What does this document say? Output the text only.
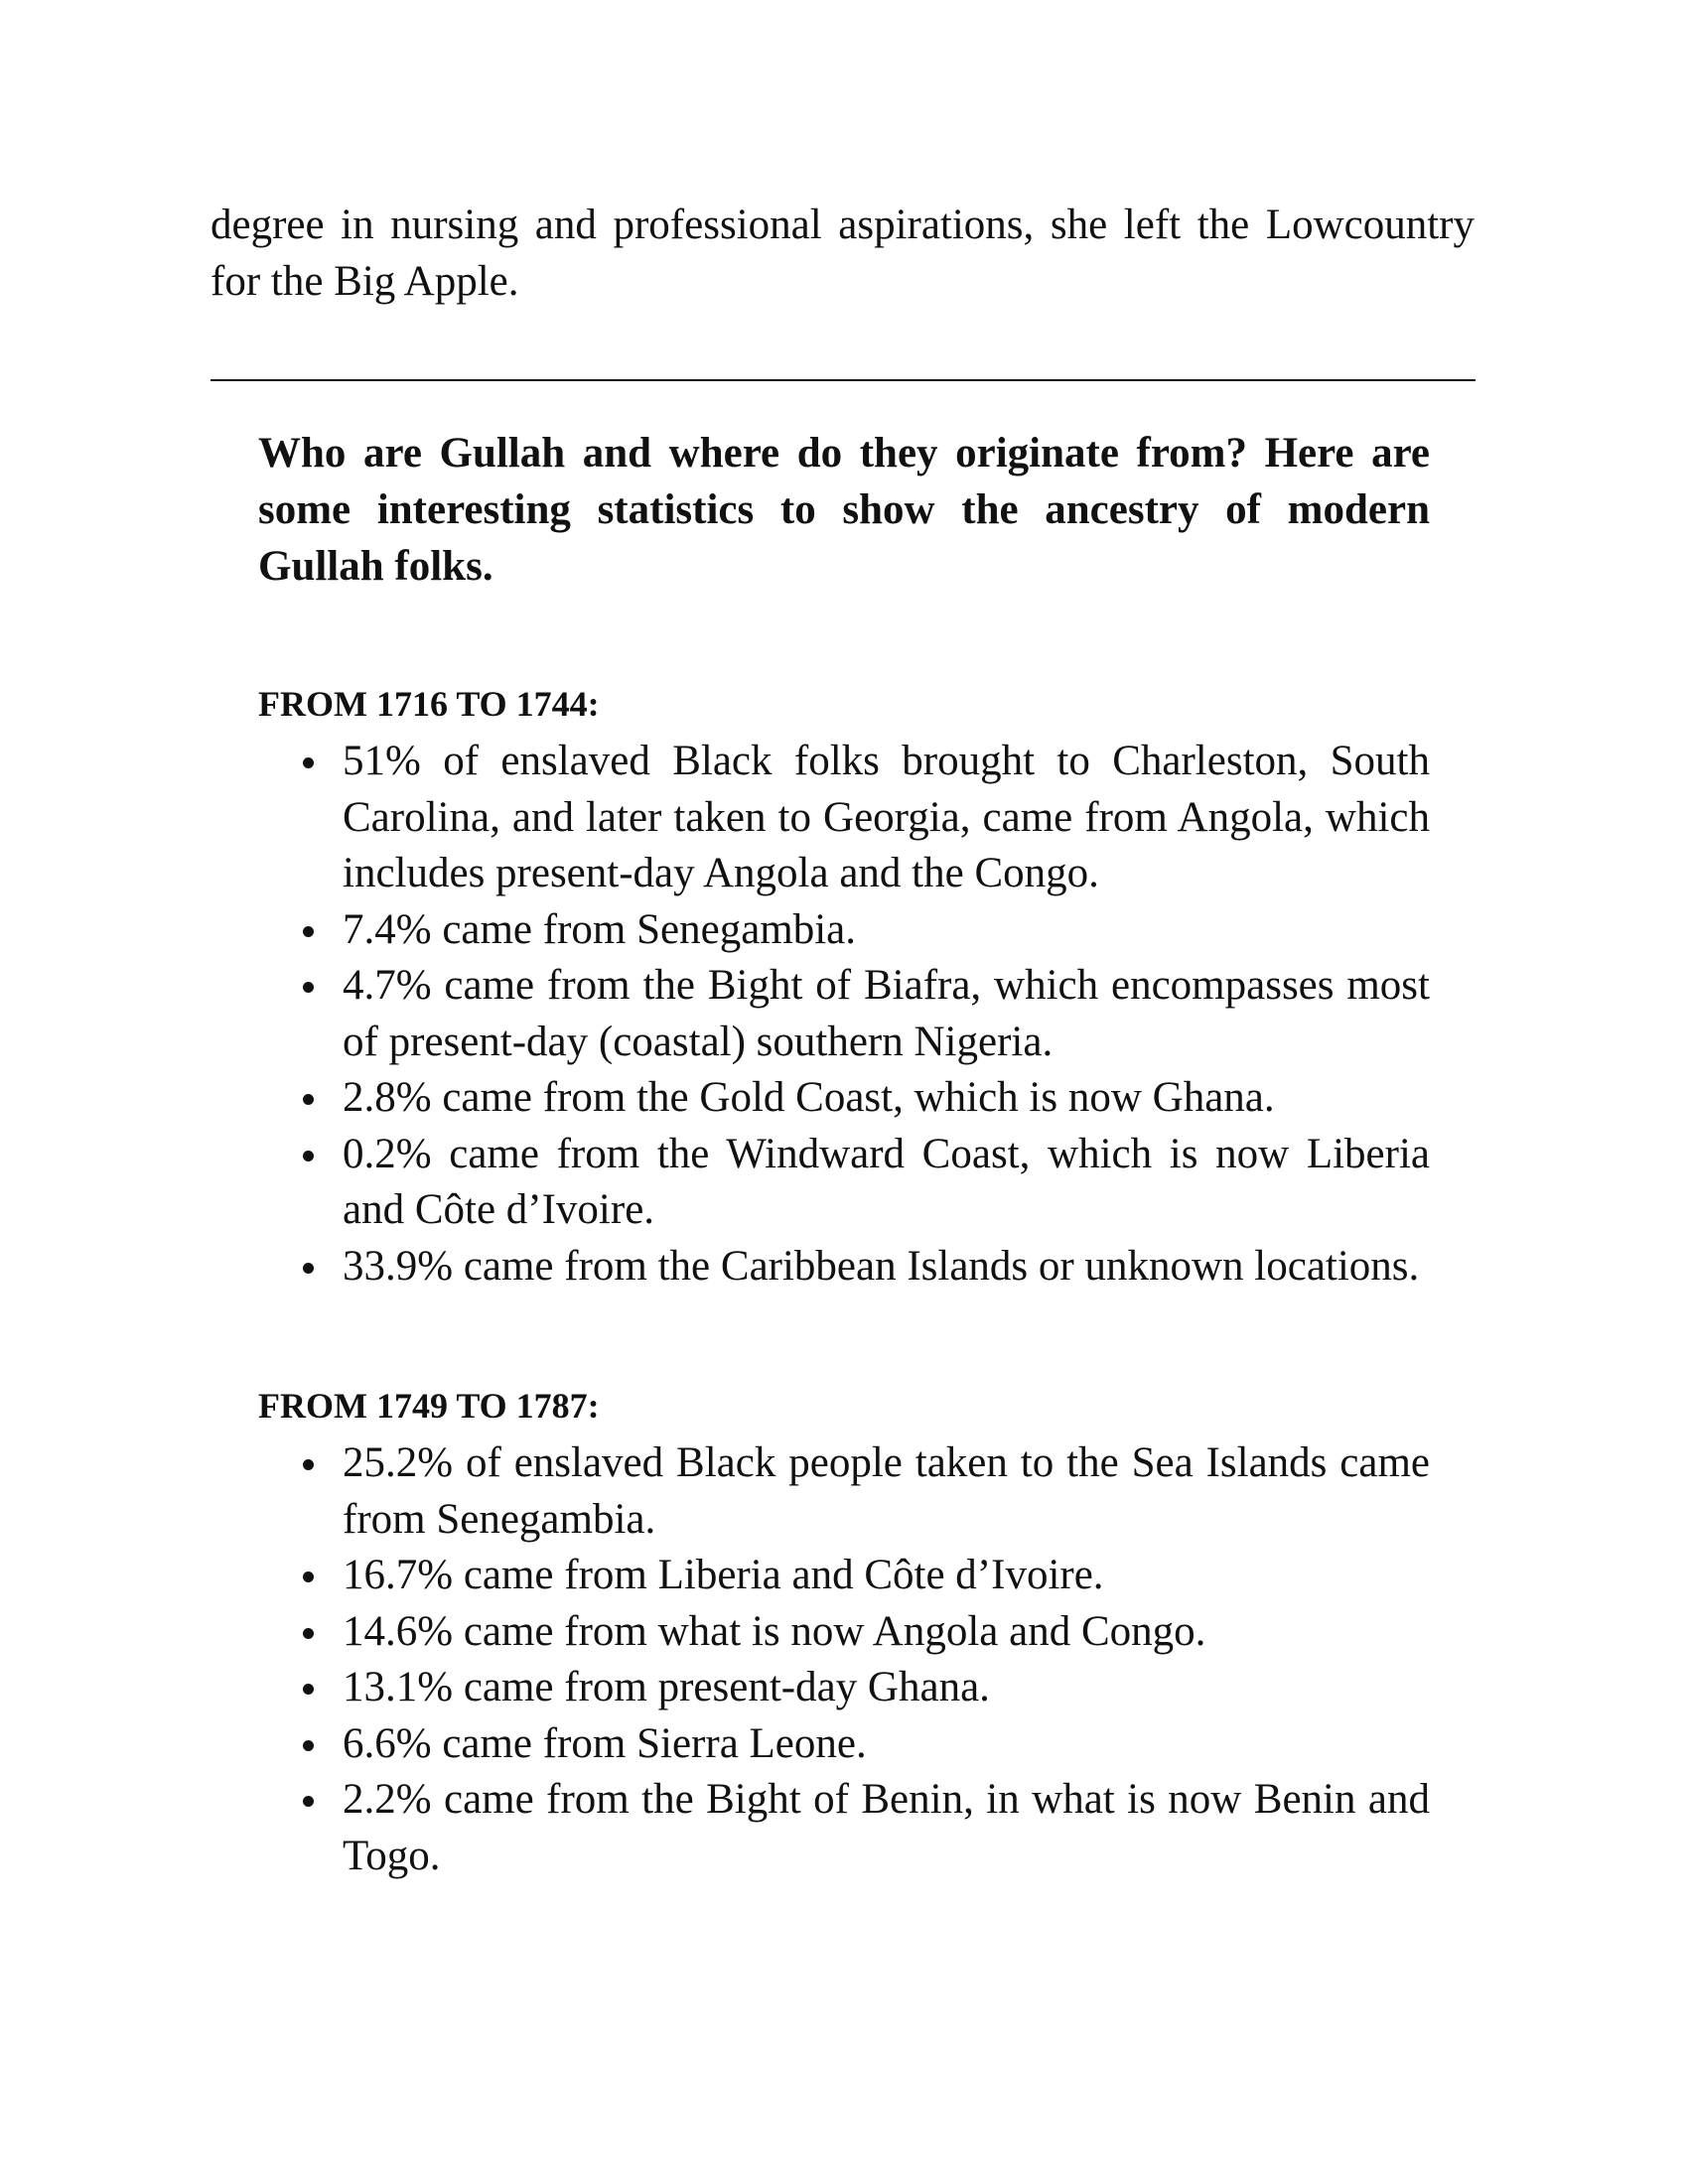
degree in nursing and professional aspirations, she left the Lowcountry for the Big Apple.

Who are Gullah and where do they originate from? Here are some interesting statistics to show the ancestry of modern Gullah folks.

FROM 1716 TO 1744:

51% of enslaved Black folks brought to Charleston, South Carolina, and later taken to Georgia, came from Angola, which includes present-day Angola and the Congo.
7.4% came from Senegambia.
4.7% came from the Bight of Biafra, which encompasses most of present-day (coastal) southern Nigeria.
2.8% came from the Gold Coast, which is now Ghana.
0.2% came from the Windward Coast, which is now Liberia and Côte d’Ivoire.
33.9% came from the Caribbean Islands or unknown locations.

FROM 1749 TO 1787:

25.2% of enslaved Black people taken to the Sea Islands came from Senegambia.
16.7% came from Liberia and Côte d’Ivoire.
14.6% came from what is now Angola and Congo.
13.1% came from present-day Ghana.
6.6% came from Sierra Leone.
2.2% came from the Bight of Benin, in what is now Benin and Togo.
